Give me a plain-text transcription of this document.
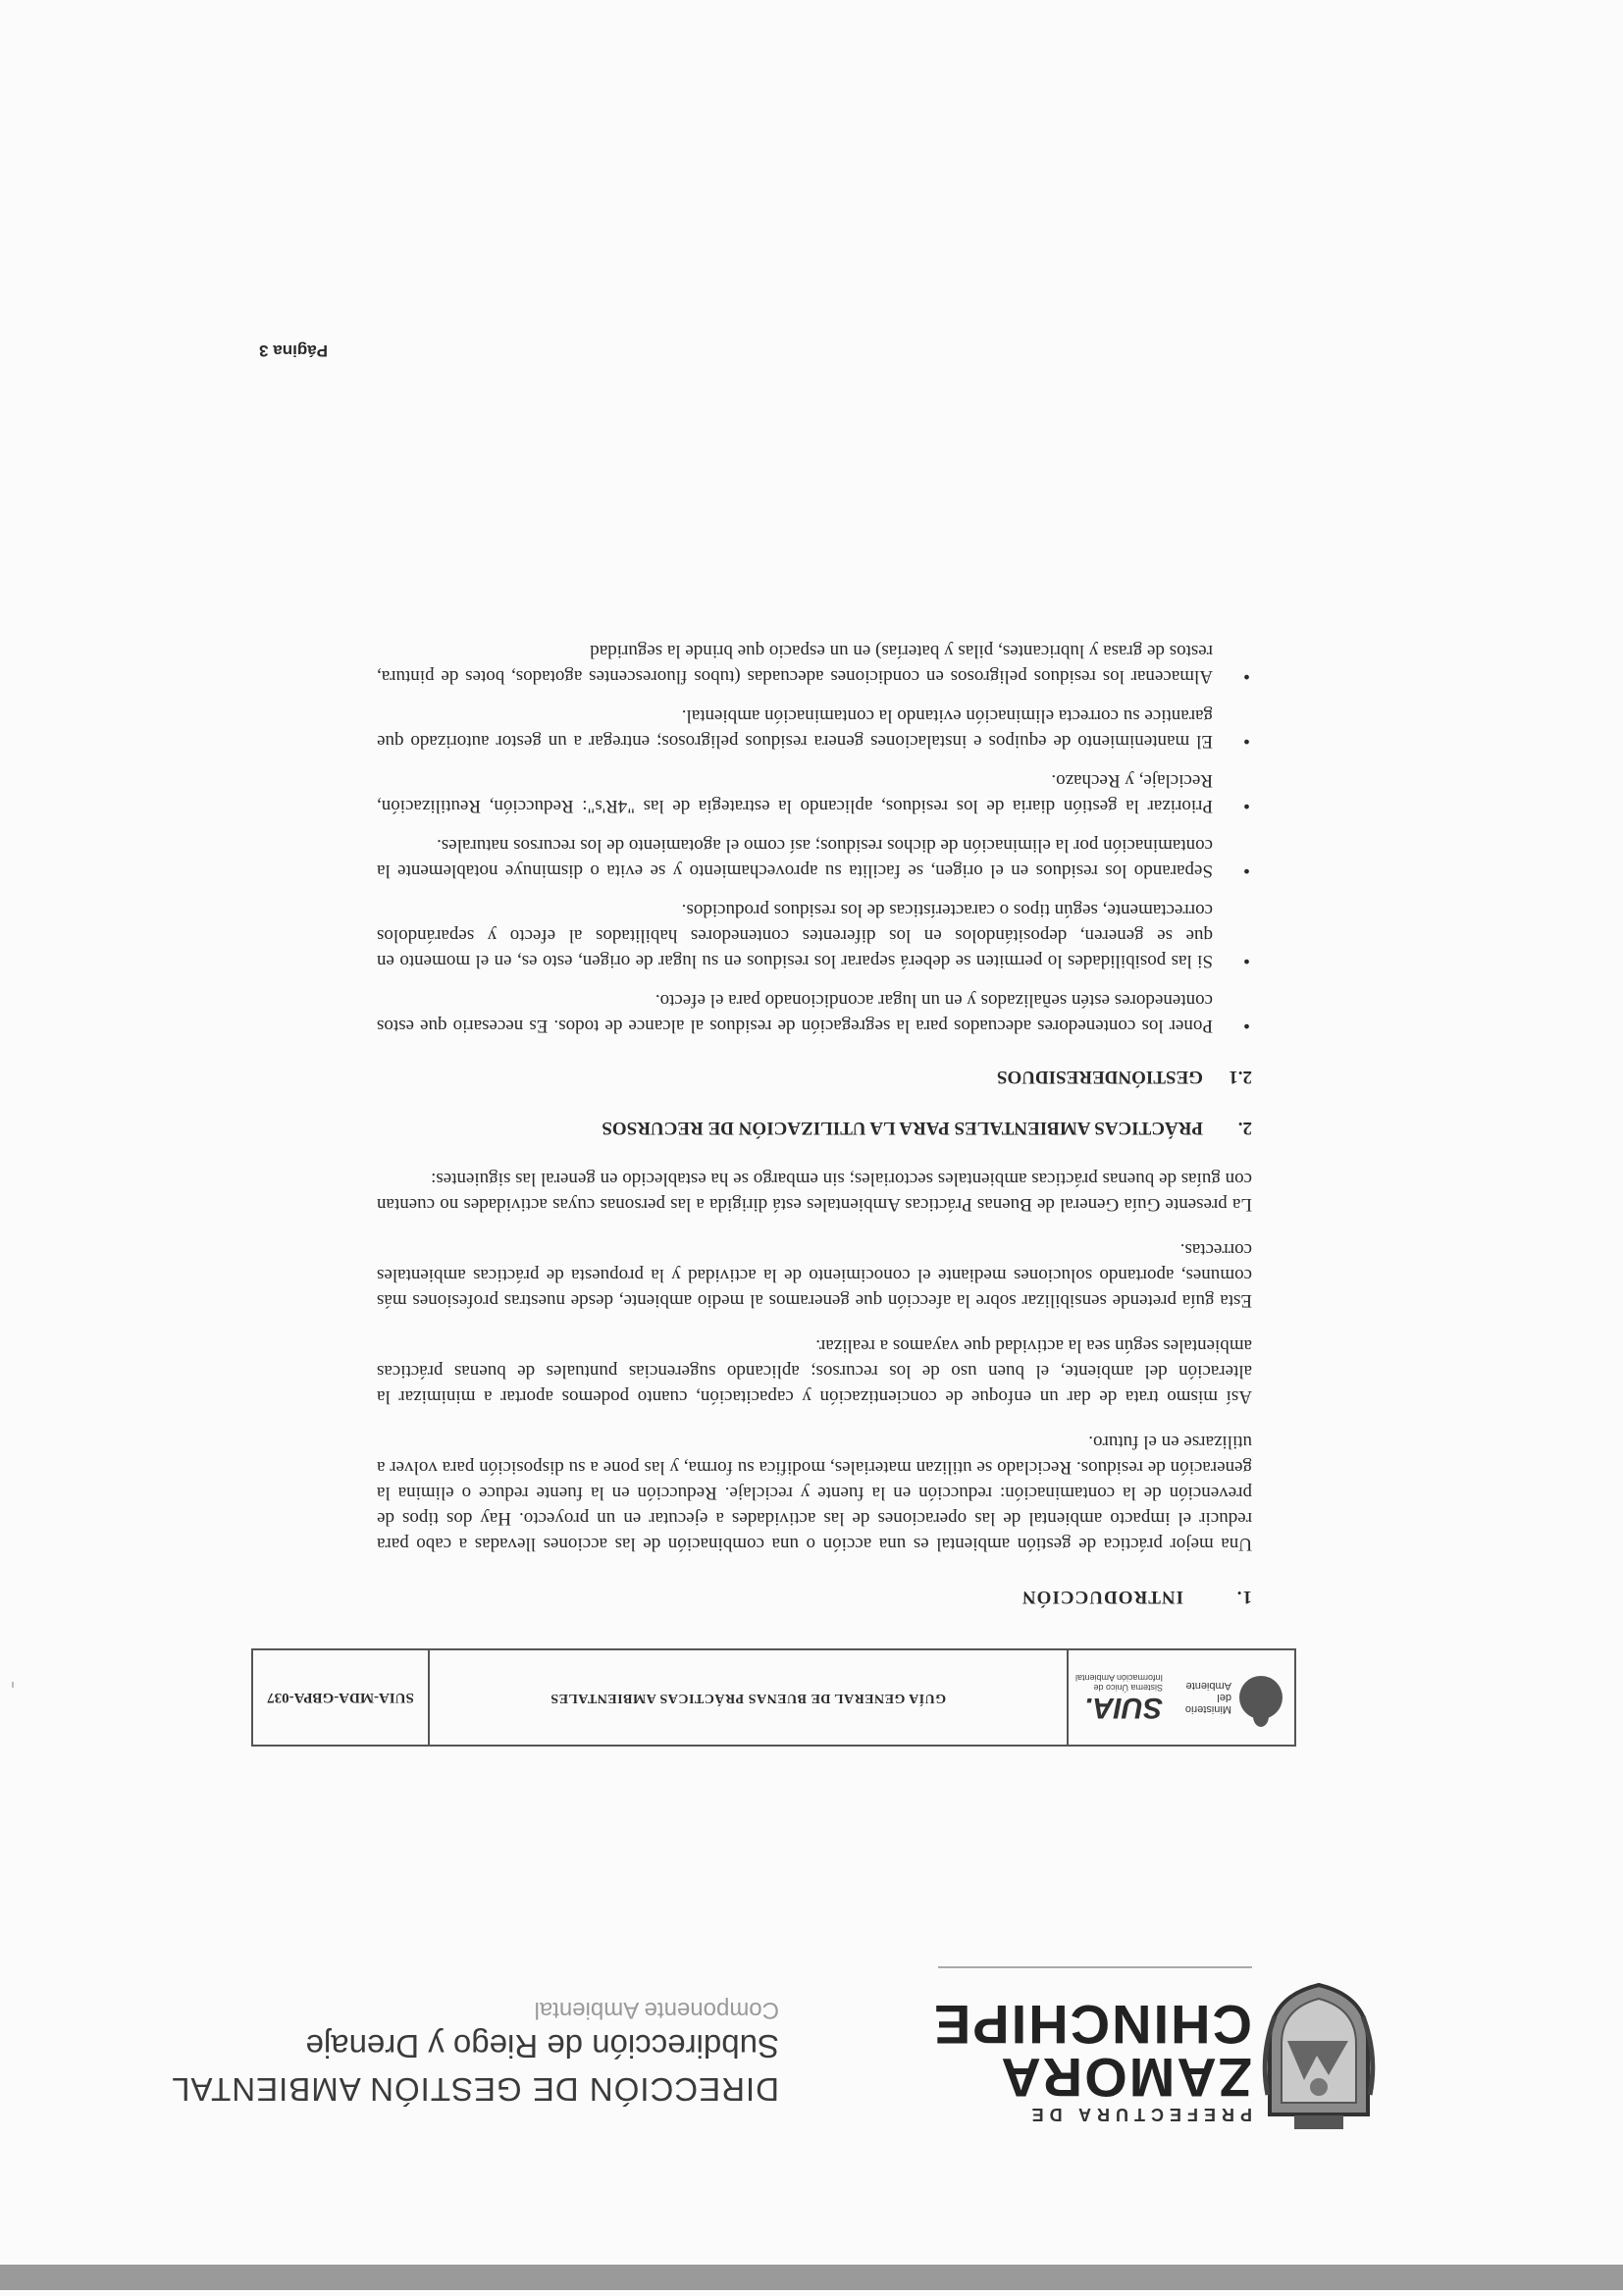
PREFECTURA DE
ZAMORA
CHINCHIPE
DIRECCIÓN DE GESTIÓN AMBIENTAL
Subdirección de Riego y Drenaje
Componente Ambiental
Ministerio del Ambiente
SUIA.
Sistema Único de Información Ambiental
GUÍA GENERAL DE BUENAS PRÁCTICAS AMBIENTALES
SUIA-MDA-GBPA-037
1.INTRODUCCIÓN

Una mejor práctica de gestión ambiental es una acción o una combinación de las acciones llevadas a cabo para reducir el impacto ambiental de las operaciones de las actividades a ejecutar en un proyecto. Hay dos tipos de prevención de la contaminación: reducción en la fuente y reciclaje. Reducción en la fuente reduce o elimina la generación de residuos. Reciclado se utilizan materiales, modifica su forma, y las pone a su disposición para volver a utilizarse en el futuro.

Así mismo trata de dar un enfoque de concientización y capacitación, cuanto podemos aportar a minimizar la alteración del ambiente, el buen uso de los recursos; aplicando sugerencias puntuales de buenas prácticas ambientales según sea la actividad que vayamos a realizar.

Esta guía pretende sensibilizar sobre la afección que generamos al medio ambiente, desde nuestras profesiones más comunes, aportando soluciones mediante el conocimiento de la actividad y la propuesta de prácticas ambientales correctas.

La presente Guía General de Buenas Prácticas Ambientales está dirigida a las personas cuyas actividades no cuentan con guías de buenas prácticas ambientales sectoriales; sin embargo se ha establecido en general las siguientes:

2.PRÁCTICAS AMBIENTALES PARA LA UTILIZACIÓN DE RECURSOS
2.1GESTIÓNDERESIDUOS
• Poner los contenedores adecuados para la segregación de residuos al alcance de todos. Es necesario que estos contenedores estén señalizados y en un lugar acondicionado para el efecto.
• Si las posibilidades lo permiten se deberá separar los residuos en su lugar de origen, esto es, en el momento en que se generen, depositándolos en los diferentes contenedores habilitados al efecto y separándolos correctamente, según tipos o características de los residuos producidos.
• Separando los residuos en el origen, se facilita su aprovechamiento y se evita o disminuye notablemente la contaminación por la eliminación de dichos residuos; así como el agotamiento de los recursos naturales.
• Priorizar la gestión diaria de los residuos, aplicando la estrategia de las "4R's": Reducción, Reutilización, Reciclaje, y Rechazo.
• El mantenimiento de equipos e instalaciones genera residuos peligrosos; entregar a un gestor autorizado que garantice su correcta eliminación evitando la contaminación ambiental.
• Almacenar los residuos peligrosos en condiciones adecuadas (tubos fluorescentes agotados, botes de pintura, restos de grasa y lubricantes, pilas y baterías) en un espacio que brinde la seguridad
Página 3
